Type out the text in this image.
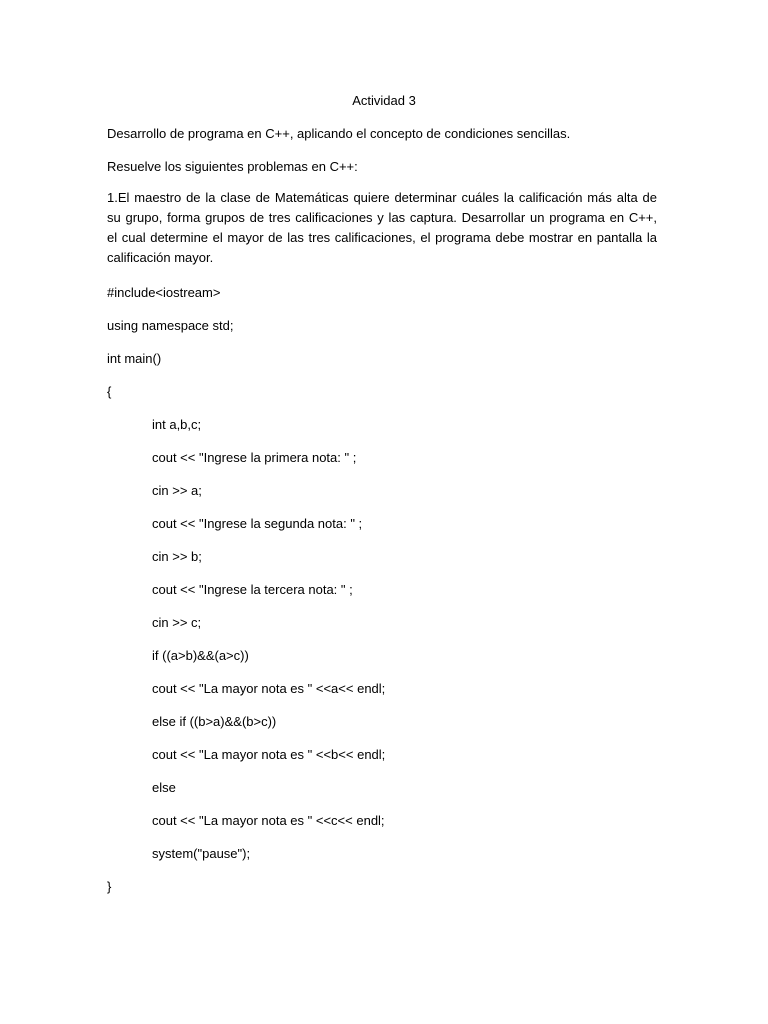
Actividad 3
Desarrollo de programa en C++, aplicando el concepto de condiciones sencillas.
Resuelve los siguientes problemas en C++:
1.El maestro de la clase de Matemáticas quiere determinar cuáles la calificación más alta de
su grupo, forma grupos de tres calificaciones y las captura. Desarrollar un programa en C++,
el cual determine el mayor de las tres calificaciones, el programa debe mostrar en pantalla la
calificación mayor.
#include<iostream>
using namespace std;
int main()
{
int a,b,c;
cout << "Ingrese la primera nota: " ;
cin >> a;
cout << "Ingrese la segunda nota: " ;
cin >> b;
cout << "Ingrese la tercera nota: " ;
cin >> c;
if ((a>b)&&(a>c))
cout << "La mayor nota es " <<a<< endl;
else if ((b>a)&&(b>c))
cout << "La mayor nota es " <<b<< endl;
else
cout << "La mayor nota es " <<c<< endl;
system("pause");
}
